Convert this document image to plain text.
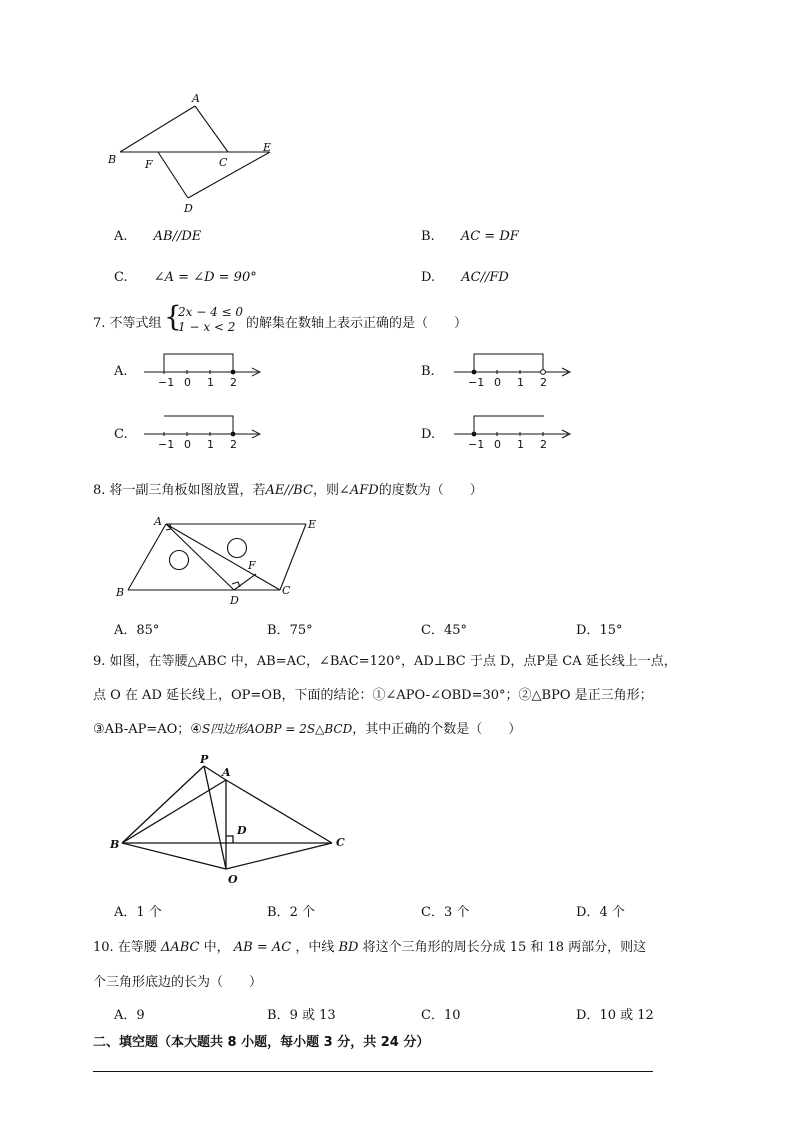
A
B	F	C
E
D
A. AB//DE	B. AC = DF
C. ∠A = ∠D = 90°	D. AC//FD
7. 不等式组 {
2x − 4 ≤ 0
1 − x < 2 的解集在数轴上表示正确的是（　　）
A.	B.
C.	D.
−1 0 1 2	−1 0 1 2
−1 0 1 2	−1 0 1 2
8. 将一副三角板如图放置，若AE//BC，则∠AFD的度数为（　　）
A	E
B
D
C
F
A．85°	B．75°	C．45°	D．15°
9. 如图，在等腰△ABC 中，AB=AC，∠BAC=120°，AD⊥BC 于点 D，点P是 CA 延长线上一点，
点 O 在 AD 延长线上，OP=OB，下面的结论：①∠APO-∠OBD=30°；②△BPO 是正三角形；
③AB-AP=AO；④S四边形AOBP = 2S△BCD，其中正确的个数是（　　）
P
A
B	C
D
O
A．1 个	B．2 个	C．3 个	D．4 个
10. 在等腰 ΔABC 中， AB = AC ，中线 BD 将这个三角形的周长分成 15 和 18 两部分，则这
个三角形底边的长为（　　）
A．9	B．9 或 13	C．10	D．10 或 12
二、填空题（本大题共 8 小题，每小题 3 分，共 24 分）
